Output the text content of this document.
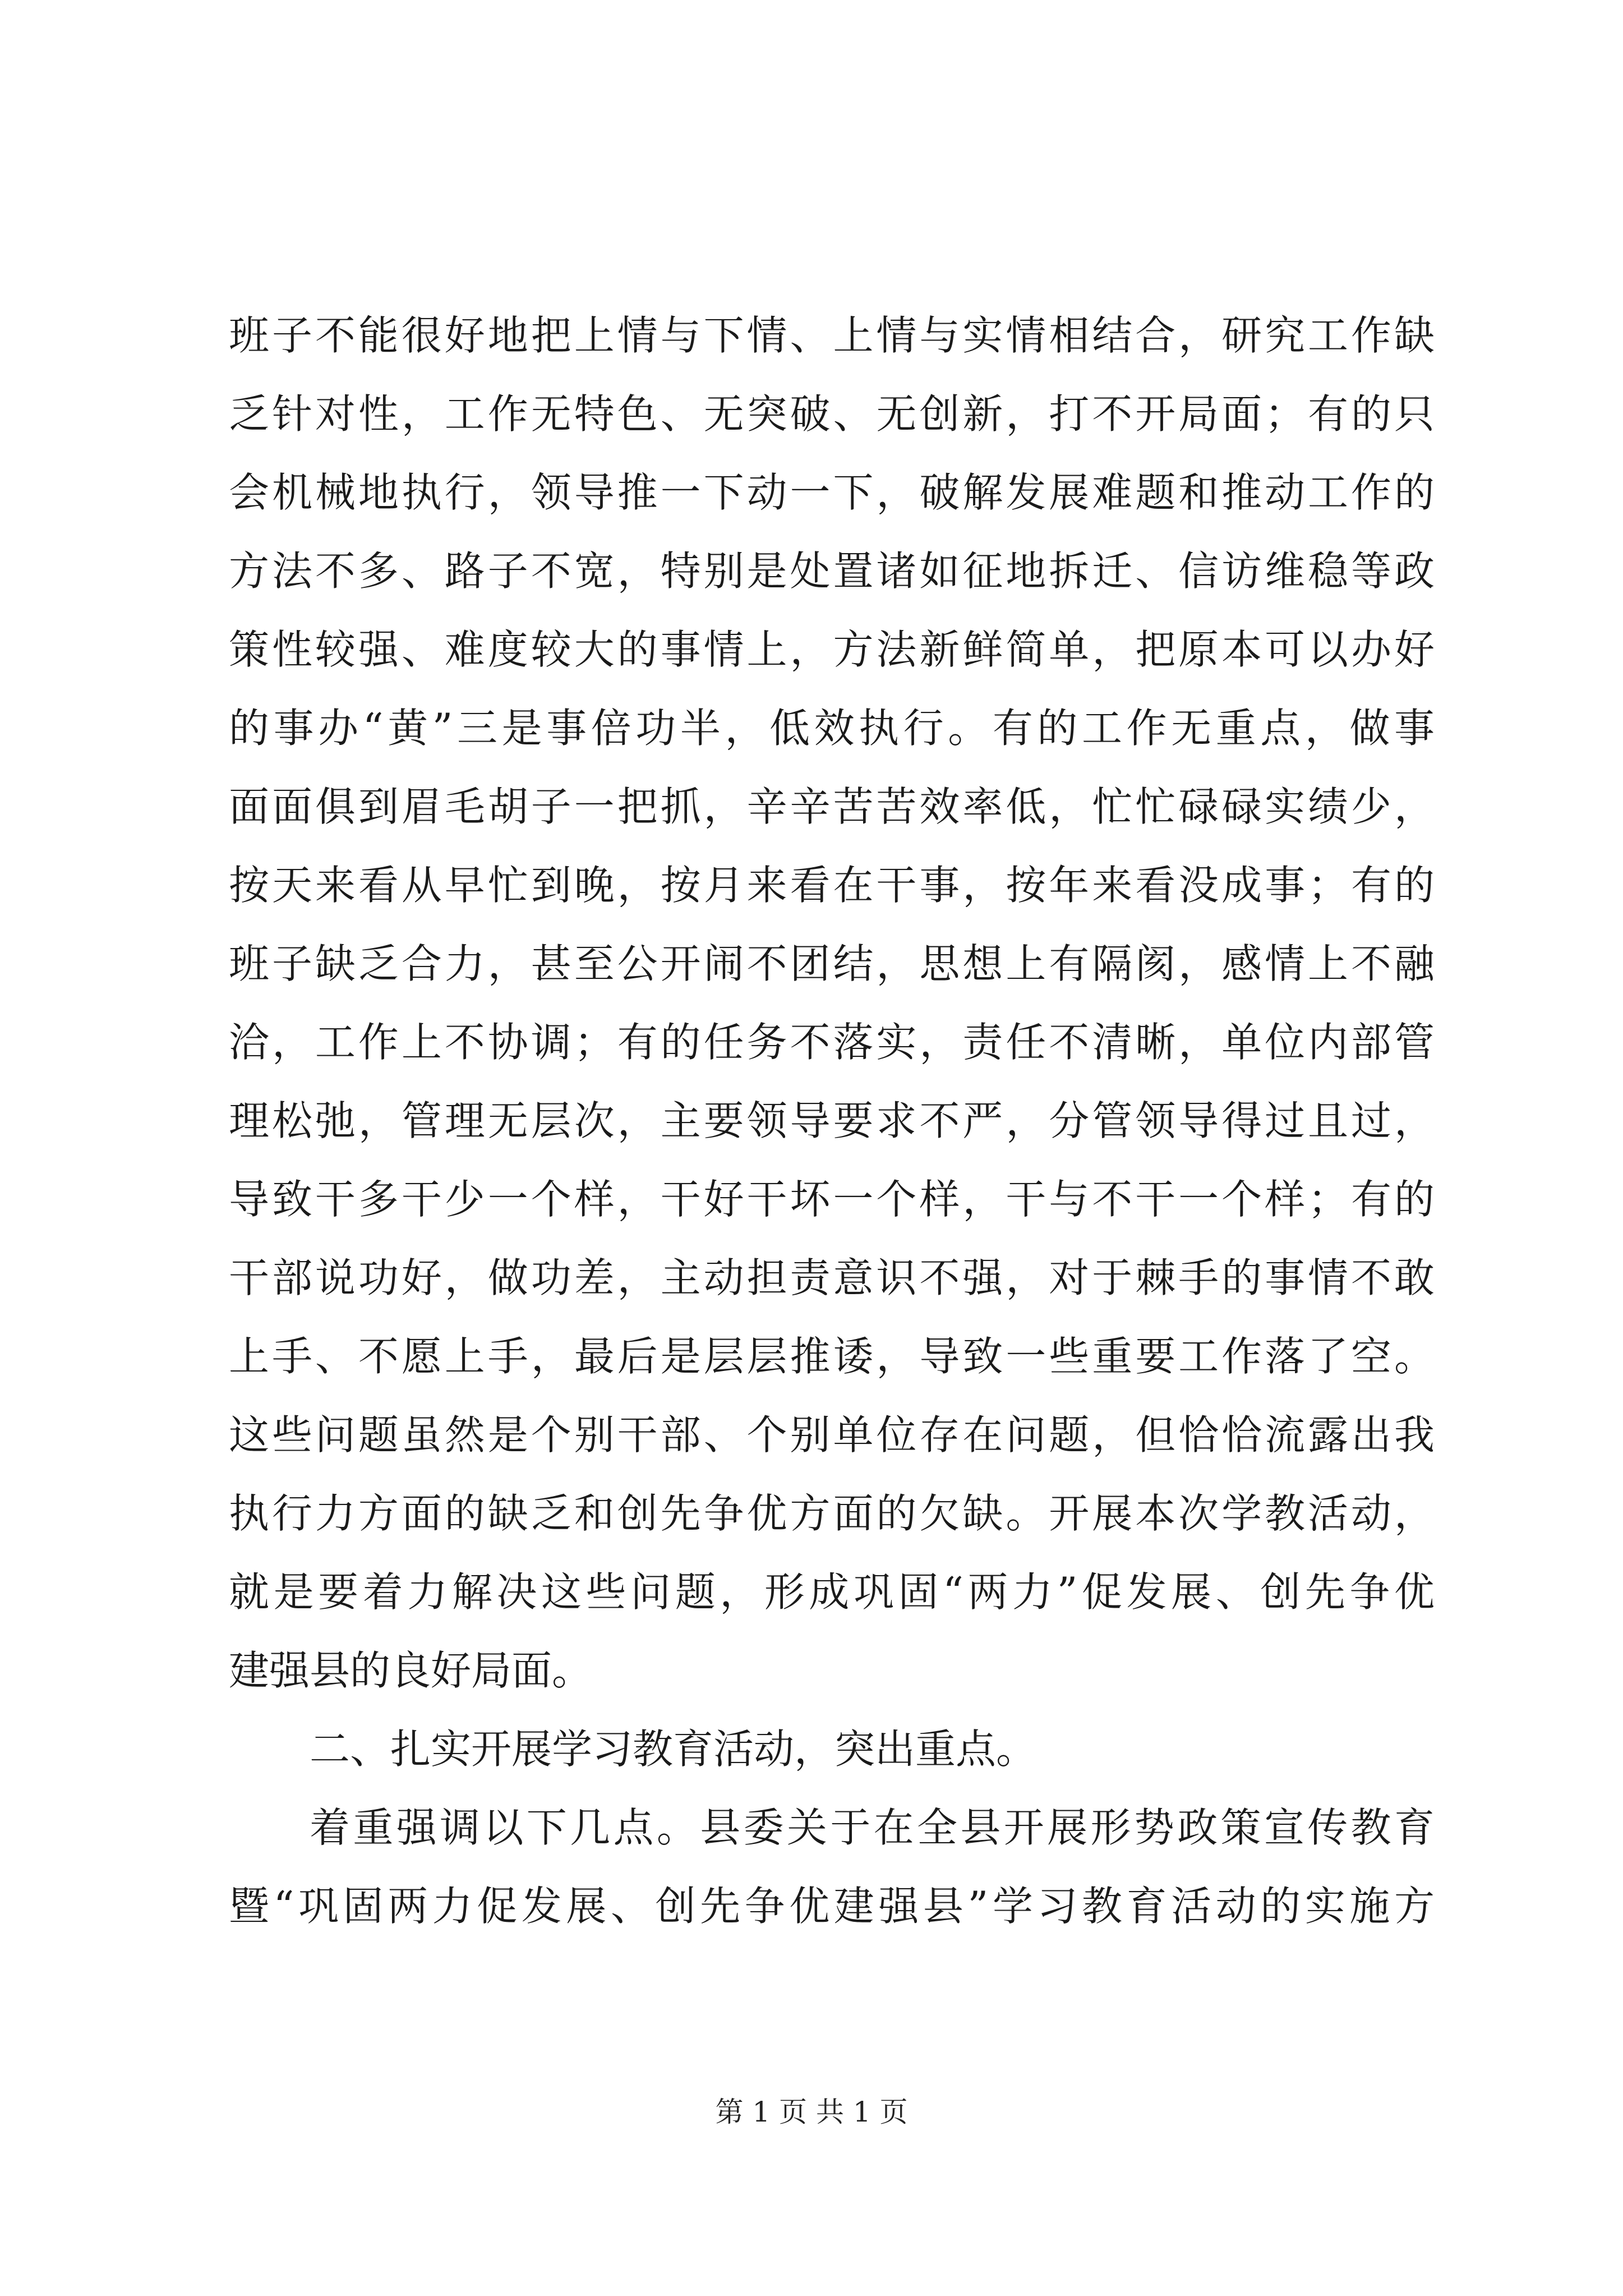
班子不能很好地把上情与下情、上情与实情相结合，研究工作缺
乏针对性，工作无特色、无突破、无创新，打不开局面；有的只
会机械地执行，领导推一下动一下，破解发展难题和推动工作的
方法不多、路子不宽，特别是处置诸如征地拆迁、信访维稳等政
策性较强、难度较大的事情上，方法新鲜简单，把原本可以办好
的事办“黄”三是事倍功半，低效执行。有的工作无重点，做事
面面俱到眉毛胡子一把抓，辛辛苦苦效率低，忙忙碌碌实绩少，
按天来看从早忙到晚，按月来看在干事，按年来看没成事；有的
班子缺乏合力，甚至公开闹不团结，思想上有隔阂，感情上不融
洽，工作上不协调；有的任务不落实，责任不清晰，单位内部管
理松弛，管理无层次，主要领导要求不严，分管领导得过且过，
导致干多干少一个样，干好干坏一个样，干与不干一个样；有的
干部说功好，做功差，主动担责意识不强，对于棘手的事情不敢
上手、不愿上手，最后是层层推诿，导致一些重要工作落了空。
这些问题虽然是个别干部、个别单位存在问题，但恰恰流露出我
执行力方面的缺乏和创先争优方面的欠缺。开展本次学教活动，
就是要着力解决这些问题，形成巩固“两力”促发展、创先争优
建强县的良好局面。
二、扎实开展学习教育活动，突出重点。
着重强调以下几点。县委关于在全县开展形势政策宣传教育
暨“巩固两力促发展、创先争优建强县”学习教育活动的实施方
第 1 页 共 1 页
